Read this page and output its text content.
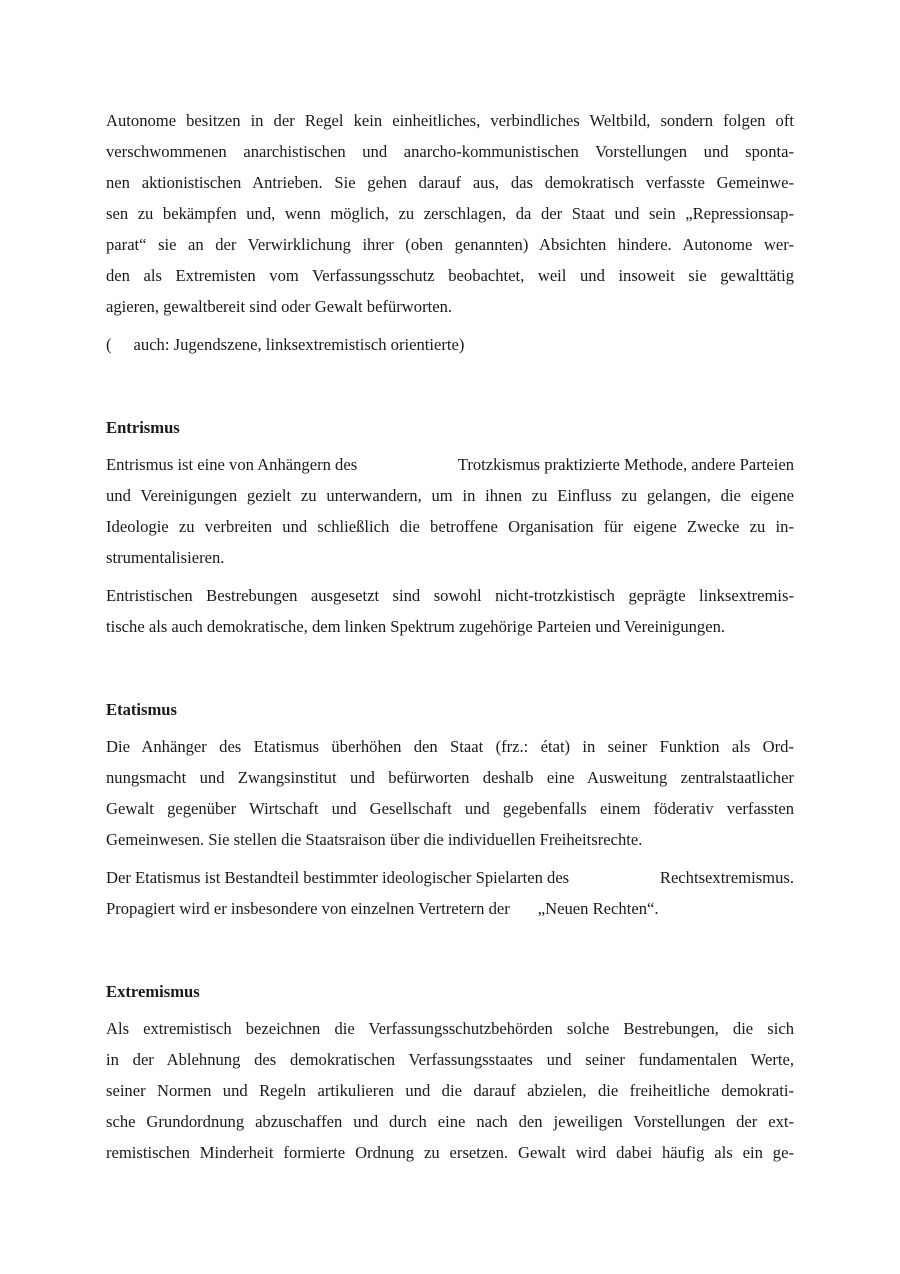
Autonome besitzen in der Regel kein einheitliches, verbindliches Weltbild, sondern folgen oft
verschwommenen anarchistischen und anarcho-kommunistischen Vorstellungen und sponta-
nen aktionistischen Antrieben. Sie gehen darauf aus, das demokratisch verfasste Gemeinwe-
sen zu bekämpfen und, wenn möglich, zu zerschlagen, da der Staat und sein „Repressionsap-
parat“ sie an der Verwirklichung ihrer (oben genannten) Absichten hindere. Autonome wer-
den als Extremisten vom Verfassungsschutz beobachtet, weil und insoweit sie gewalttätig
agieren, gewaltbereit sind oder Gewalt befürworten.
( auch: Jugendszene, linksextremistisch orientierte)
Entrismus
Entrismus ist eine von Anhängern des	Trotzkismus praktizierte Methode, andere Parteien
und Vereinigungen gezielt zu unterwandern, um in ihnen zu Einfluss zu gelangen, die eigene
Ideologie zu verbreiten und schließlich die betroffene Organisation für eigene Zwecke zu in-
strumentalisieren.
Entristischen Bestrebungen ausgesetzt sind sowohl nicht-trotzkistisch geprägte linksextremis-
tische als auch demokratische, dem linken Spektrum zugehörige Parteien und Vereinigungen.
Etatismus
Die Anhänger des Etatismus überhöhen den Staat (frz.: état) in seiner Funktion als Ord-
nungsmacht und Zwangsinstitut und befürworten deshalb eine Ausweitung zentralstaatlicher
Gewalt gegenüber Wirtschaft und Gesellschaft und gegebenfalls einem föderativ verfassten
Gemeinwesen. Sie stellen die Staatsraison über die individuellen Freiheitsrechte.
Der Etatismus ist Bestandteil bestimmter ideologischer Spielarten des	Rechtsextremismus.
Propagiert wird er insbesondere von einzelnen Vertretern der „Neuen Rechten“.
Extremismus
Als extremistisch bezeichnen die Verfassungsschutzbehörden solche Bestrebungen, die sich
in der Ablehnung des demokratischen Verfassungsstaates und seiner fundamentalen Werte,
seiner Normen und Regeln artikulieren und die darauf abzielen, die freiheitliche demokrati-
sche Grundordnung abzuschaffen und durch eine nach den jeweiligen Vorstellungen der ext-
remistischen Minderheit formierte Ordnung zu ersetzen. Gewalt wird dabei häufig als ein ge-
